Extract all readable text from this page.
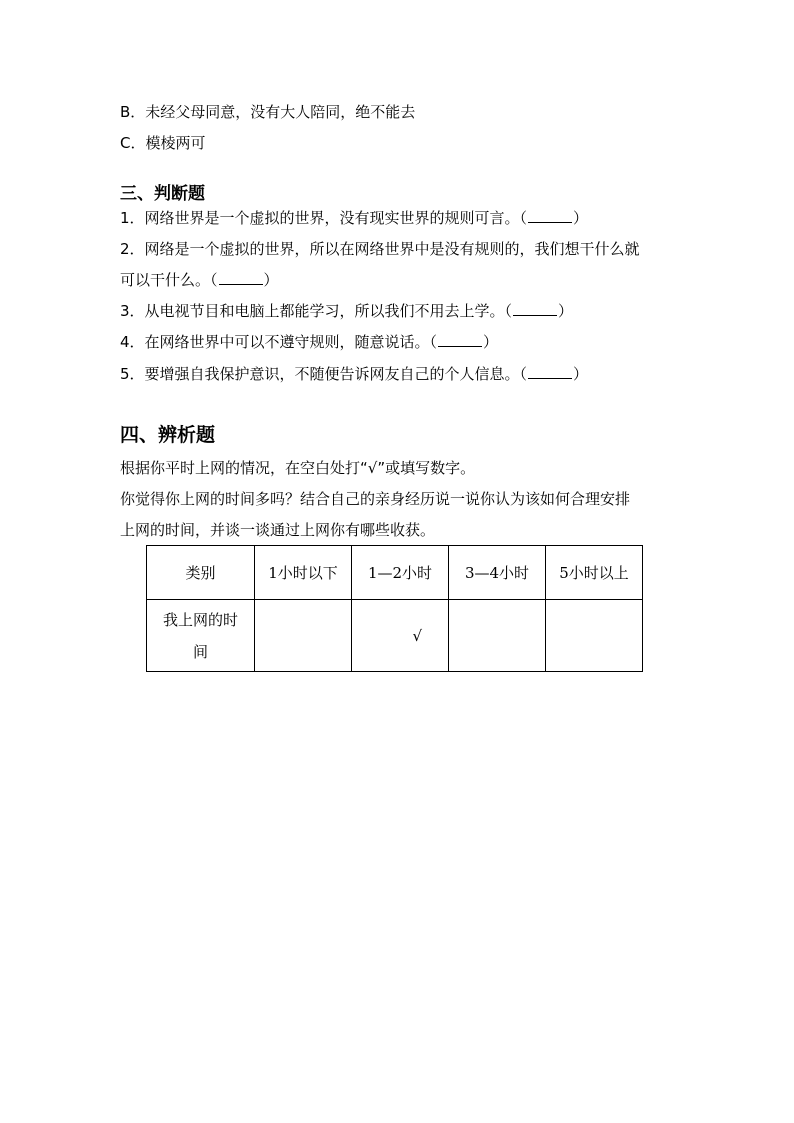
B．未经父母同意，没有大人陪同，绝不能去
C．模棱两可
三、判断题
1．网络世界是一个虚拟的世界，没有现实世界的规则可言。（	）
2．网络是一个虚拟的世界，所以在网络世界中是没有规则的，我们想干什么就
可以干什么。（	）
3．从电视节目和电脑上都能学习，所以我们不用去上学。（	）
4．在网络世界中可以不遵守规则，随意说话。（	）
5．要增强自我保护意识，不随便告诉网友自己的个人信息。（	）
四、辨析题
根据你平时上网的情况，在空白处打“√”或填写数字。
你觉得你上网的时间多吗？结合自己的亲身经历说一说你认为该如何合理安排
上网的时间，并谈一谈通过上网你有哪些收获。
类别	1小时以下	1—2小时	3—4小时	5小时以上

我上网的时
间		√		
